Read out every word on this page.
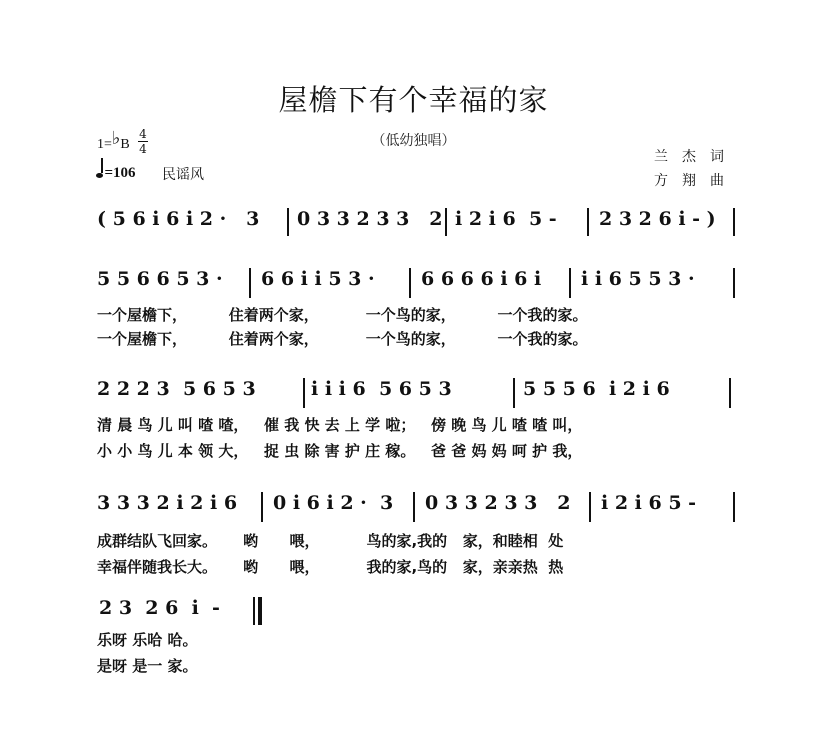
屋檐下有个幸福的家
（低幼独唱）
1=♭B
4
4
=106 民谣风
兰杰词
方翔曲
( 5 6 i 6 i 2 ·   3	0 3 3 2 3 3   2 i 2 i 6  5 -	2 3 2 6 i - )
5 5 6 6 5 3 ·	6 6 i i 5 3 ·	6 6 6 6 i 6 i	i i 6 5 5 3 ·
一个屋檐下，        住着两个家，         一个鸟的家，        一个我的家。
一个屋檐下，        住着两个家，         一个鸟的家，        一个我的家。
2 2 2 3  5 6 5 3	i i i 6  5 6 5 3	5 5 5 6  i 2 i 6
清 晨 鸟 儿 叫 喳 喳，   催 我 快 去 上 学 啦；   傍 晚 鸟 儿 喳 喳 叫，
小 小 鸟 儿 本 领 大，   捉 虫 除 害 护 庄 稼。   爸 爸 妈 妈 呵 护 我，
3 3 3 2 i 2 i 6	0 i 6 i 2 ·  3	0 3 3 2 3 3   2	i 2 i 6 5 -
成群结队飞回家。     哟      喂，         鸟的家,我的   家，和睦相  处
幸福伴随我长大。     哟      喂，         我的家,鸟的   家，亲亲热  热
2 3  2 6  i  -
乐呀 乐哈 哈。
是呀 是一 家。
